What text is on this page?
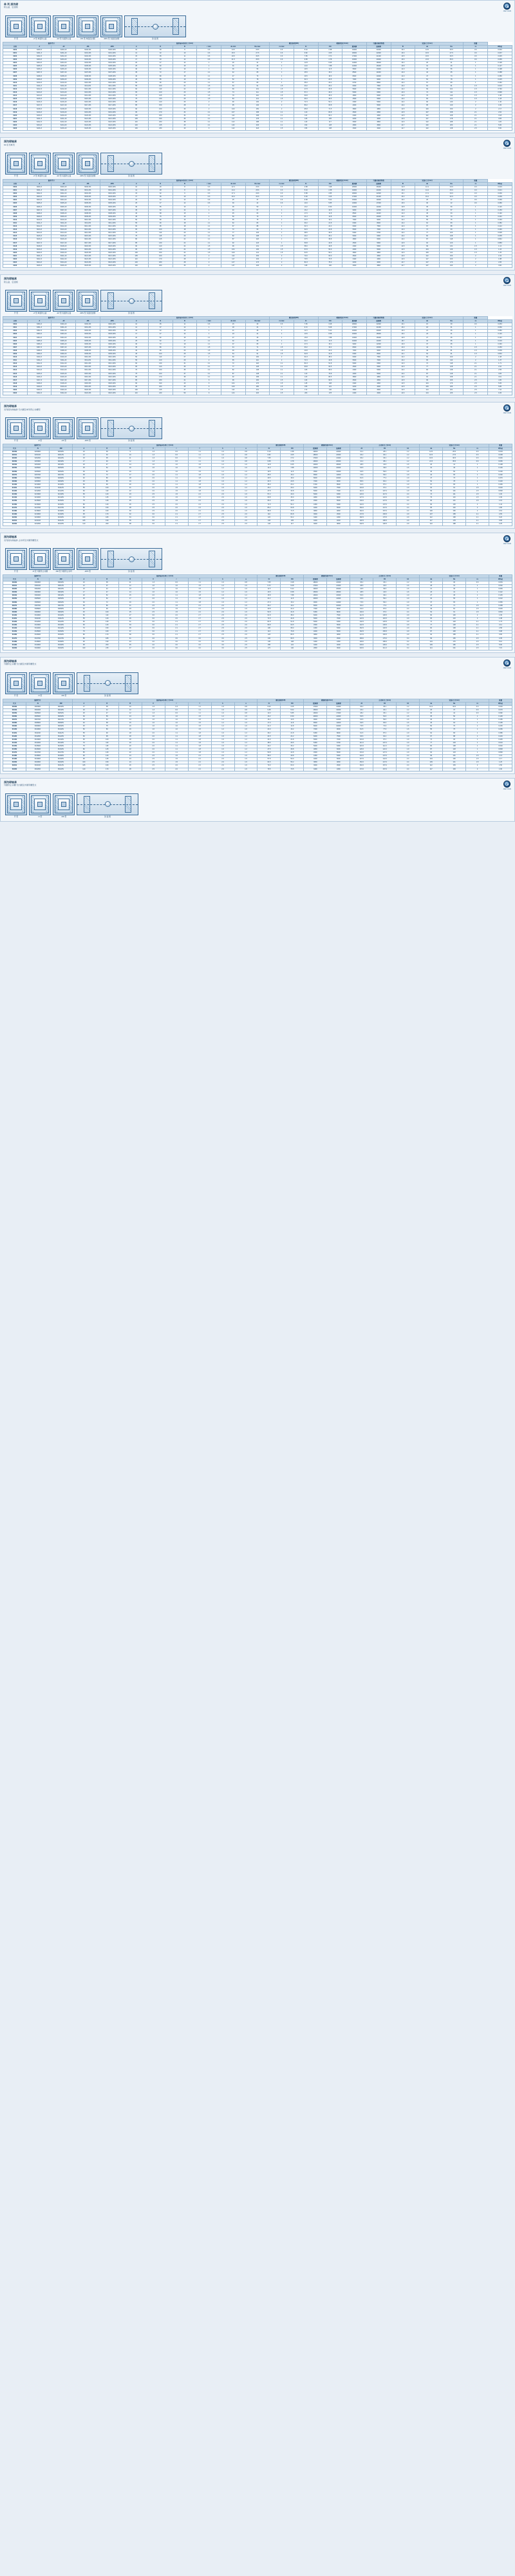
单 列 深沟球
防尘盖、密封圈
JIEYUAN
开 型	-Z 型 单面防尘盖	-2Z 型 双面防尘盖	-RS 型 单面密封圈	-2RS 型 双面密封圈	剖 面 图
轴承代号				轴承基本外形尺寸(mm)							额定载荷(kN)		极限转速 (r/min)		当量动载荷系数	安装尺寸(mm)			重量	
开型	-Z	-2Z	-RS	-2RS	d	D	B	r min	da min	Da max	ra max	Cr	C0r	脂润滑	油润滑	f0	da	Da	ra	W(kg)
6200	6200-Z	6200-2Z	6200-RS	6200-2RS	10	30	9	0.6	14.5	25.5	0.6	5.10	2.38	19000	24000	13.2	14.5	25.5	0.6	0.032
6201	6201-Z	6201-2Z	6201-RS	6201-2RS	12	32	10	0.6	16.5	27.5	0.6	6.82	3.05	18000	22000	13.3	16.5	27.5	0.6	0.037
6202	6202-Z	6202-2Z	6202-RS	6202-2RS	15	35	11	0.6	19.5	30.5	0.6	7.65	3.72	17000	21000	13.5	19.5	30.5	0.6	0.045
6203	6203-Z	6203-2Z	6203-RS	6203-2RS	17	40	12	0.6	21.5	35.5	0.6	9.58	4.78	16000	20000	13.6	21.5	35.5	0.6	0.065
6204	6204-Z	6204-2Z	6204-RS	6204-2RS	20	47	14	1	26	41	1	12.8	6.65	14000	18000	13.2	26	41	1	0.106
6205	6205-Z	6205-2Z	6205-RS	6205-2RS	25	52	15	1	31	46	1	14.0	7.88	12000	16000	13.8	31	46	1	0.127
6206	6206-Z	6206-2Z	6206-RS	6206-2RS	30	62	16	1	36	56	1	19.5	11.5	9500	13000	14.0	36	56	1	0.198
6207	6207-Z	6207-2Z	6207-RS	6207-2RS	35	72	17	1.1	42	65	1	25.5	15.2	8500	11000	14.0	42	65	1	0.288
6208	6208-Z	6208-2Z	6208-RS	6208-2RS	40	80	18	1.1	47	73	1	29.5	18.0	8000	10000	14.0	47	73	1	0.366
6209	6209-Z	6209-2Z	6209-RS	6209-2RS	45	85	19	1.1	52	78	1	31.5	20.5	7000	9000	14.1	52	78	1	0.415
6210	6210-Z	6210-2Z	6210-RS	6210-2RS	50	90	20	1.1	57	83	1	35.0	23.2	6700	8500	14.2	57	83	1	0.462
6211	6211-Z	6211-2Z	6211-RS	6211-2RS	55	100	21	1.5	64	91	1.5	43.2	29.2	6000	7500	14.2	64	91	1.5	0.613
6212	6212-Z	6212-2Z	6212-RS	6212-2RS	60	110	22	1.5	69	101	1.5	47.8	32.8	5600	7000	14.2	69	101	1.5	0.792
6213	6213-Z	6213-2Z	6213-RS	6213-2RS	65	120	23	1.5	74	111	1.5	57.2	40.0	5000	6300	14.3	74	111	1.5	0.990
6214	6214-Z	6214-2Z	6214-RS	6214-2RS	70	125	24	1.5	79	116	1.5	60.8	45.0	4800	6000	14.3	79	116	1.5	1.08
6215	6215-Z	6215-2Z	6215-RS	6215-2RS	75	130	25	1.5	84	121	1.5	66.0	49.5	4500	5600	14.4	84	121	1.5	1.18
6216	6216-Z	6216-2Z	6216-RS	6216-2RS	80	140	26	2	90	130	2	71.5	54.2	4300	5300	14.4	90	130	2	1.40
6217	6217-Z	6217-2Z	6217-RS	6217-2RS	85	150	28	2	95	140	2	83.2	63.8	4000	5000	14.4	95	140	2	1.84
6218	6218-Z	6218-2Z	6218-RS	6218-2RS	90	160	30	2	100	150	2	95.8	71.5	3800	4800	14.5	100	150	2	2.17
6219	6219-Z	6219-2Z	6219-RS	6219-2RS	95	170	32	2.1	107	158	2.1	110	82.8	3600	4500	14.5	107	158	2.1	2.62
6220	6220-Z	6220-2Z	6220-RS	6220-2RS	100	180	34	2.1	112	168	2.1	122	93.2	3400	4300	14.5	112	168	2.1	3.18
6221	6221-Z	6221-2Z	6221-RS	6221-2RS	105	190	36	2.1	117	178	2.1	133	105	3200	4000	14.6	117	178	2.1	3.65
6222	6222-Z	6222-2Z	6222-RS	6222-2RS	110	200	38	2.1	122	188	2.1	143	117	3000	3800	14.6	122	188	2.1	4.20
6224	6224-Z	6224-2Z	6224-RS	6224-2RS	120	215	40	2.1	132	203	2.1	152	128	2800	3600	14.7	132	203	2.1	5.00
6226	6226-Z	6226-2Z	6226-RS	6226-2RS	130	230	40	3	142	218	2.5	156	138	2600	3400	14.7	142	218	2.5	5.50
深沟球轴承
60 系列单列
JIEYUAN
开 型	-Z 型 单面防尘盖	-2Z 型 双面防尘盖	-2RS 型 双面密封圈	剖 面 图
轴承代号				轴承基本外形尺寸(mm)							额定载荷(kN)		极限转速 (r/min)		当量动载荷系数	安装尺寸(mm)			重量	
开型	-Z	-2Z	-RS	-2RS	d	D	B	r min	da min	Da max	ra max	Cr	C0r	脂润滑	油润滑	f0	da	Da	ra	W(kg)
6000	6000-Z	6000-2Z	6000-RS	6000-2RS	10	26	8	0.3	12.4	23.6	0.3	4.58	1.98	20000	26000	12.9	12.4	23.6	0.3	0.019
6001	6001-Z	6001-2Z	6001-RS	6001-2RS	12	28	8	0.3	14.4	25.6	0.3	5.10	2.38	19000	24000	13.0	14.4	25.6	0.3	0.021
6002	6002-Z	6002-2Z	6002-RS	6002-2RS	15	32	9	0.3	17.4	29.6	0.3	5.58	2.85	18000	22000	13.1	17.4	29.6	0.3	0.030
6003	6003-Z	6003-2Z	6003-RS	6003-2RS	17	35	10	0.3	19.4	32.6	0.3	6.00	3.25	17000	21000	13.2	19.4	32.6	0.3	0.039
6004	6004-Z	6004-2Z	6004-RS	6004-2RS	20	42	12	0.6	25	37	0.6	9.38	5.02	15000	19000	13.4	25	37	0.6	0.069
6005	6005-Z	6005-2Z	6005-RS	6005-2RS	25	47	12	0.6	30	42	0.6	10.0	5.85	13000	17000	13.6	30	42	0.6	0.080
6006	6006-Z	6006-2Z	6006-RS	6006-2RS	30	55	13	1	35	50	1	13.2	8.30	10000	14000	13.8	35	50	1	0.116
6007	6007-Z	6007-2Z	6007-RS	6007-2RS	35	62	14	1	40	57	1	16.2	10.5	9000	12000	13.9	40	57	1	0.153
6008	6008-Z	6008-2Z	6008-RS	6008-2RS	40	68	15	1	45	63	1	17.0	11.8	8500	11000	14.0	45	63	1	0.192
6009	6009-Z	6009-2Z	6009-RS	6009-2RS	45	75	16	1	50	70	1	21.0	14.8	8000	10000	14.1	50	70	1	0.242
6010	6010-Z	6010-2Z	6010-RS	6010-2RS	50	80	16	1	55	75	1	22.0	16.2	7000	9000	14.2	55	75	1	0.263
6011	6011-Z	6011-2Z	6011-RS	6011-2RS	55	90	18	1.1	62	83	1	30.2	21.8	6300	8000	14.2	62	83	1	0.382
6012	6012-Z	6012-2Z	6012-RS	6012-2RS	60	95	18	1.1	67	88	1	31.5	24.2	6000	7500	14.3	67	88	1	0.412
6013	6013-Z	6013-2Z	6013-RS	6013-2RS	65	100	18	1.1	72	93	1	32.0	24.8	5600	7000	14.3	72	93	1	0.440
6014	6014-Z	6014-2Z	6014-RS	6014-2RS	70	110	20	1.1	77	103	1	38.5	30.5	5300	6700	14.4	77	103	1	0.605
6015	6015-Z	6015-2Z	6015-RS	6015-2RS	75	115	20	1.1	82	108	1	40.2	33.2	5000	6300	14.4	82	108	1	0.635
6016	6016-Z	6016-2Z	6016-RS	6016-2RS	80	125	22	1.1	87	118	1	47.5	39.8	4800	6000	14.4	87	118	1	0.842
6017	6017-Z	6017-2Z	6017-RS	6017-2RS	85	130	22	1.1	92	123	1	50.8	42.8	4500	5600	14.5	92	123	1	0.883
6018	6018-Z	6018-2Z	6018-RS	6018-2RS	90	140	24	1.5	99	131	1.5	58.0	49.8	4300	5300	14.5	99	131	1.5	1.12
6019	6019-Z	6019-2Z	6019-RS	6019-2RS	95	145	24	1.5	104	136	1.5	57.8	50.0	4000	5000	14.5	104	136	1.5	1.16
6020	6020-Z	6020-2Z	6020-RS	6020-2RS	100	150	24	1.5	109	141	1.5	64.5	56.2	3800	4800	14.6	109	141	1.5	1.25
6021	6021-Z	6021-2Z	6021-RS	6021-2RS	105	160	26	2	112	153	2	70.0	63.0	3600	4500	14.6	112	153	2	1.54
6022	6022-Z	6022-2Z	6022-RS	6022-2RS	110	170	28	2	117	163	2	79.5	70.5	3400	4300	14.6	117	163	2	1.88
6024	6024-Z	6024-2Z	6024-RS	6024-2RS	120	180	28	2	127	173	2	81.8	75.0	3200	4000	14.7	127	173	2	2.05
6026	6026-Z	6026-2Z	6026-RS	6026-2RS	130	200	33	2	137	193	2	108	100	3000	3800	14.7	137	193	2	3.00
深沟球轴承
防尘盖、密封圈
JIEYUAN
开 型	-Z 型 单面防尘盖	-2Z 型 双面防尘盖	-2RS 型 双面密封圈	剖 面 图
轴承代号				轴承基本外形尺寸(mm)							额定载荷(kN)		极限转速 (r/min)		当量动载荷系数	安装尺寸(mm)			重量	
开型	-Z	-2Z	-RS	-2RS	d	D	B	r min	da min	Da max	ra max	Cr	C0r	脂润滑	油润滑	f0	da	Da	ra	W(kg)
6300	6300-Z	6300-2Z	6300-RS	6300-2RS	10	35	11	0.6	15	30	0.6	7.65	3.48	18000	22000	13.1	15	30	0.6	0.053
6301	6301-Z	6301-2Z	6301-RS	6301-2RS	12	37	12	1	18	31	1	9.72	5.08	17000	21000	13.2	18	31	1	0.060
6302	6302-Z	6302-2Z	6302-RS	6302-2RS	15	42	13	1	21	36	1	11.5	5.42	16000	20000	13.3	21	36	1	0.082
6303	6303-Z	6303-2Z	6303-RS	6303-2RS	17	47	14	1	23	41	1	13.5	6.58	15000	18000	13.4	23	41	1	0.110
6304	6304-Z	6304-2Z	6304-RS	6304-2RS	20	52	15	1.1	27	45	1	15.8	7.88	13000	16000	13.5	27	45	1	0.142
6305	6305-Z	6305-2Z	6305-RS	6305-2RS	25	62	17	1.1	32	55	1	22.2	11.5	10000	14000	13.7	32	55	1	0.219
6306	6306-Z	6306-2Z	6306-RS	6306-2RS	30	72	19	1.1	37	65	1	27.0	15.2	9000	12000	13.9	37	65	1	0.346
6307	6307-Z	6307-2Z	6307-RS	6307-2RS	35	80	21	1.5	44	71	1.5	33.2	19.2	8000	10000	14.0	44	71	1.5	0.453
6308	6308-Z	6308-2Z	6308-RS	6308-2RS	40	90	23	1.5	49	81	1.5	40.8	24.0	7000	9000	14.0	49	81	1.5	0.639
6309	6309-Z	6309-2Z	6309-RS	6309-2RS	45	100	25	1.5	54	91	1.5	52.8	31.8	6300	8000	14.1	54	91	1.5	0.832
6310	6310-Z	6310-2Z	6310-RS	6310-2RS	50	110	27	2	60	100	2	61.8	38.0	6000	7500	14.2	60	100	2	1.08
6311	6311-Z	6311-2Z	6311-RS	6311-2RS	55	120	29	2	65	110	2	71.5	44.8	5600	7000	14.2	65	110	2	1.37
6312	6312-Z	6312-2Z	6312-RS	6312-2RS	60	130	31	2.1	72	118	2.1	81.8	51.8	5000	6300	14.3	72	118	2.1	1.71
6313	6313-Z	6313-2Z	6313-RS	6313-2RS	65	140	33	2.1	77	128	2.1	93.8	60.5	4500	5600	14.3	77	128	2.1	2.10
6314	6314-Z	6314-2Z	6314-RS	6314-2RS	70	150	35	2.1	82	138	2.1	105	68.0	4300	5300	14.4	82	138	2.1	2.55
6315	6315-Z	6315-2Z	6315-RS	6315-2RS	75	160	37	2.1	87	148	2.1	113	76.8	4000	5000	14.4	87	148	2.1	3.05
6316	6316-Z	6316-2Z	6316-RS	6316-2RS	80	170	39	2.1	92	158	2.1	123	86.5	3800	4800	14.4	92	158	2.1	3.61
6317	6317-Z	6317-2Z	6317-RS	6317-2RS	85	180	41	3	99	166	2.5	132	96.5	3600	4500	14.5	99	166	2.5	4.30
6318	6318-Z	6318-2Z	6318-RS	6318-2RS	90	190	43	3	104	176	2.5	145	108	3400	4300	14.5	104	176	2.5	5.05
6319	6319-Z	6319-2Z	6319-RS	6319-2RS	95	200	45	3	109	186	2.5	155	122	3200	4000	14.5	109	186	2.5	5.85
6320	6320-Z	6320-2Z	6320-RS	6320-2RS	100	215	47	3	114	201	2.5	172	140	2800	3600	14.6	114	201	2.5	7.10
6322	6322-Z	6322-2Z	6322-RS	6322-2RS	110	240	50	3	124	226	2.5	203	178	2400	3200	14.6	124	226	2.5	9.45
深沟球轴承
双列深沟球轴承 无内圈及单列带止动槽型
JIEYUAN
开 型	-Z 型	-2Z 型	-2RS 型	剖 面 图
轴承代号			轴承基本外形尺寸(mm)								额定载荷(kN)		极限转速(r/min)		止动环尺寸(mm)			安装尺寸(mm)			重量
代号	-N	-NR	d	D	B	C	r	f	b	a	Cr	C0r	脂润滑	油润滑	d1	D1	b1	da	Da	ra	W(kg)
6200N	6200NR	6200ZN	10	30	9	1.3	0.6	1.1	1.0	0.8	5.10	2.38	19000	24000	31.2	28.1	1.2	14.5	25.5	0.6	0.033
6201N	6201NR	6201ZN	12	32	10	1.3	0.6	1.1	1.0	0.8	6.82	3.05	18000	22000	33.2	30.1	1.2	16.5	27.5	0.6	0.038
6202N	6202NR	6202ZN	15	35	11	1.3	0.6	1.1	1.0	0.8	7.65	3.72	17000	21000	36.2	33.1	1.2	19.5	30.5	0.6	0.046
6203N	6203NR	6203ZN	17	40	12	1.3	0.6	1.1	1.0	0.8	9.58	4.78	16000	20000	41.2	38.1	1.2	21.5	35.5	0.6	0.066
6204N	6204NR	6204ZN	20	47	14	1.6	1.0	1.5	1.2	1.0	12.8	6.65	14000	18000	48.5	44.6	1.6	26	41	1	0.108
6205N	6205NR	6205ZN	25	52	15	1.6	1.0	1.5	1.2	1.0	14.0	7.88	12000	16000	53.5	49.6	1.6	31	46	1	0.130
6206N	6206NR	6206ZN	30	62	16	1.6	1.0	1.5	1.2	1.0	19.5	11.5	9500	13000	63.5	59.6	1.6	36	56	1	0.200
6207N	6207NR	6207ZN	35	72	17	2.0	1.1	1.8	1.6	1.2	25.5	15.2	8500	11000	73.6	69.2	1.9	42	65	1	0.292
6208N	6208NR	6208ZN	40	80	18	2.0	1.1	1.8	1.6	1.2	29.5	18.0	8000	10000	81.6	77.2	1.9	47	73	1	0.370
6209N	6209NR	6209ZN	45	85	19	2.0	1.1	1.8	1.6	1.2	31.5	20.5	7000	9000	86.6	82.2	1.9	52	78	1	0.420
6210N	6210NR	6210ZN	50	90	20	2.0	1.1	1.8	1.6	1.2	35.0	23.2	6700	8500	91.6	87.2	1.9	57	83	1	0.466
6211N	6211NR	6211ZN	55	100	21	2.0	1.5	1.8	1.6	1.2	43.2	29.2	6000	7500	101.6	97.2	1.9	64	91	1.5	0.620
6212N	6212NR	6212ZN	60	110	22	2.0	1.5	1.8	1.6	1.2	47.8	32.8	5600	7000	111.6	107.2	1.9	69	101	1.5	0.800
6213N	6213NR	6213ZN	65	120	23	2.5	1.5	2.2	2.0	1.6	57.2	40.0	5000	6300	122.0	117.0	2.4	74	111	1.5	1.00
6214N	6214NR	6214ZN	70	125	24	2.5	1.5	2.2	2.0	1.6	60.8	45.0	4800	6000	127.0	122.0	2.4	79	116	1.5	1.09
6215N	6215NR	6215ZN	75	130	25	2.5	1.5	2.2	2.0	1.6	66.0	49.5	4500	5600	132.0	127.0	2.4	84	121	1.5	1.19
6216N	6216NR	6216ZN	80	140	26	2.5	2.0	2.2	2.0	1.6	71.5	54.2	4300	5300	142.0	137.0	2.4	90	130	2	1.42
6217N	6217NR	6217ZN	85	150	28	2.5	2.0	2.2	2.0	1.6	83.2	63.8	4000	5000	152.0	147.0	2.4	95	140	2	1.86
6218N	6218NR	6218ZN	90	160	30	2.5	2.0	2.2	2.0	1.6	95.8	71.5	3800	4800	162.0	157.0	2.4	100	150	2	2.19
6219N	6219NR	6219ZN	95	170	32	3.0	2.1	2.7	2.5	2.0	110	82.8	3600	4500	172.5	166.5	2.9	107	158	2.1	2.65
6220N	6220NR	6220ZN	100	180	34	3.0	2.1	2.7	2.5	2.0	122	93.2	3400	4300	182.5	176.5	2.9	112	168	2.1	3.20
6221N	6221NR	6221ZN	105	190	36	3.0	2.1	2.7	2.5	2.0	133	105	3200	4000	192.5	186.5	2.9	117	178	2.1	3.68
6222N	6222NR	6222ZN	110	200	38	3.0	2.1	2.7	2.5	2.0	143	117	3000	3800	202.5	196.5	2.9	122	188	2.1	4.25
深沟球轴承
双列深沟球轴承 止动环及外圈带槽型式
JIEYUAN
开 型	-N 型 外圈带止动槽	-NR 型 外圈带止动环	-2RS 型	剖 面 图
轴承代号			轴承基本外形尺寸(mm)								额定载荷(kN)		极限转速(r/min)		止动环尺寸(mm)			安装尺寸(mm)			重量
代号	-N	-NR	d	D	B	C	r	f	b	a	Cr	C0r	脂润滑	油润滑	d1	D1	b1	da	Da	ra	W(kg)
6300N	6300NR	6300ZN	10	35	11	1.3	0.6	1.1	1.0	0.8	7.65	3.48	18000	22000	36.2	33.1	1.2	15	30	0.6	0.054
6301N	6301NR	6301ZN	12	37	12	1.6	1.0	1.5	1.2	1.0	9.72	5.08	17000	21000	38.5	34.6	1.6	18	31	1	0.062
6302N	6302NR	6302ZN	15	42	13	1.6	1.0	1.5	1.2	1.0	11.5	5.42	16000	20000	43.5	39.6	1.6	21	36	1	0.084
6303N	6303NR	6303ZN	17	47	14	1.6	1.0	1.5	1.2	1.0	13.5	6.58	15000	18000	48.5	44.6	1.6	23	41	1	0.112
6304N	6304NR	6304ZN	20	52	15	2.0	1.1	1.8	1.6	1.2	15.8	7.88	13000	16000	53.6	49.2	1.9	27	45	1	0.145
6305N	6305NR	6305ZN	25	62	17	2.0	1.1	1.8	1.6	1.2	22.2	11.5	10000	14000	63.6	59.2	1.9	32	55	1	0.222
6306N	6306NR	6306ZN	30	72	19	2.0	1.1	1.8	1.6	1.2	27.0	15.2	9000	12000	73.6	69.2	1.9	37	65	1	0.350
6307N	6307NR	6307ZN	35	80	21	2.5	1.5	2.2	2.0	1.6	33.2	19.2	8000	10000	82.0	77.0	2.4	44	71	1.5	0.458
6308N	6308NR	6308ZN	40	90	23	2.5	1.5	2.2	2.0	1.6	40.8	24.0	7000	9000	92.0	87.0	2.4	49	81	1.5	0.645
6309N	6309NR	6309ZN	45	100	25	2.5	1.5	2.2	2.0	1.6	52.8	31.8	6300	8000	102.0	97.0	2.4	54	91	1.5	0.840
6310N	6310NR	6310ZN	50	110	27	3.0	2.0	2.7	2.5	2.0	61.8	38.0	6000	7500	112.5	106.5	2.9	60	100	2	1.09
6311N	6311NR	6311ZN	55	120	29	3.0	2.0	2.7	2.5	2.0	71.5	44.8	5600	7000	122.5	116.5	2.9	65	110	2	1.38
6312N	6312NR	6312ZN	60	130	31	3.0	2.1	2.7	2.5	2.0	81.8	51.8	5000	6300	132.5	126.5	2.9	72	118	2.1	1.73
6313N	6313NR	6313ZN	65	140	33	3.0	2.1	2.7	2.5	2.0	93.8	60.5	4500	5600	142.5	136.5	2.9	77	128	2.1	2.12
6314N	6314NR	6314ZN	70	150	35	3.0	2.1	2.7	2.5	2.0	105	68.0	4300	5300	152.5	146.5	2.9	82	138	2.1	2.58
6315N	6315NR	6315ZN	75	160	37	3.0	2.1	2.7	2.5	2.0	113	76.8	4000	5000	162.5	156.5	2.9	87	148	2.1	3.08
6316N	6316NR	6316ZN	80	170	39	3.0	2.1	2.7	2.5	2.0	123	86.5	3800	4800	172.5	166.5	2.9	92	158	2.1	3.65
6317N	6317NR	6317ZN	85	180	41	4.0	3.0	3.2	3.0	2.5	132	96.5	3600	4500	183.0	176.0	3.4	99	166	2.5	4.35
6318N	6318NR	6318ZN	90	190	43	4.0	3.0	3.2	3.0	2.5	145	108	3400	4300	193.0	186.0	3.4	104	176	2.5	5.10
6319N	6319NR	6319ZN	95	200	45	4.0	3.0	3.2	3.0	2.5	155	122	3200	4000	203.0	196.0	3.4	109	186	2.5	5.90
6320N	6320NR	6320ZN	100	215	47	4.0	3.0	3.2	3.0	2.5	172	140	2800	3600	218.0	211.0	3.4	114	201	2.5	7.15
深沟球轴承
外圈带止动槽 无内圈及外圈带槽型式
JIEYUAN
开 型	-N 型	-NR 型	剖 面 图
轴承代号			轴承基本外形尺寸(mm)								额定载荷(kN)		极限转速(r/min)		止动环尺寸(mm)			安装尺寸(mm)			重量
代号	-N	-NR	d	D	B	C	r	f	b	a	Cr	C0r	脂润滑	油润滑	d1	D1	b1	da	Da	ra	W(kg)
6003N	6003NR	6003ZN	17	35	10	1.3	0.3	1.1	1.0	0.8	6.00	3.25	17000	21000	36.2	33.1	1.2	19.4	32.6	0.3	0.040
6004N	6004NR	6004ZN	20	42	12	1.3	0.6	1.1	1.0	0.8	9.38	5.02	15000	19000	43.2	40.1	1.2	25	37	0.6	0.070
6005N	6005NR	6005ZN	25	47	12	1.3	0.6	1.1	1.0	0.8	10.0	5.85	13000	17000	48.2	45.1	1.2	30	42	0.6	0.082
6006N	6006NR	6006ZN	30	55	13	1.6	1.0	1.5	1.2	1.0	13.2	8.30	10000	14000	56.5	52.6	1.6	35	50	1	0.118
6007N	6007NR	6007ZN	35	62	14	1.6	1.0	1.5	1.2	1.0	16.2	10.5	9000	12000	63.5	59.6	1.6	40	57	1	0.156
6008N	6008NR	6008ZN	40	68	15	1.6	1.0	1.5	1.2	1.0	17.0	11.8	8500	11000	69.5	65.6	1.6	45	63	1	0.195
6009N	6009NR	6009ZN	45	75	16	1.6	1.0	1.5	1.2	1.0	21.0	14.8	8000	10000	76.5	72.6	1.6	50	70	1	0.245
6010N	6010NR	6010ZN	50	80	16	1.6	1.0	1.5	1.2	1.0	22.0	16.2	7000	9000	81.5	77.6	1.6	55	75	1	0.266
6011N	6011NR	6011ZN	55	90	18	2.0	1.1	1.8	1.6	1.2	30.2	21.8	6300	8000	91.6	87.2	1.9	62	83	1	0.386
6012N	6012NR	6012ZN	60	95	18	2.0	1.1	1.8	1.6	1.2	31.5	24.2	6000	7500	96.6	92.2	1.9	67	88	1	0.416
6013N	6013NR	6013ZN	65	100	18	2.0	1.1	1.8	1.6	1.2	32.0	24.8	5600	7000	101.6	97.2	1.9	72	93	1	0.445
6014N	6014NR	6014ZN	70	110	20	2.0	1.1	1.8	1.6	1.2	38.5	30.5	5300	6700	111.6	107.2	1.9	77	103	1	0.610
6015N	6015NR	6015ZN	75	115	20	2.0	1.1	1.8	1.6	1.2	40.2	33.2	5000	6300	116.6	112.2	1.9	82	108	1	0.640
6016N	6016NR	6016ZN	80	125	22	2.0	1.1	1.8	1.6	1.2	47.5	39.8	4800	6000	126.6	122.2	1.9	87	118	1	0.848
6017N	6017NR	6017ZN	85	130	22	2.0	1.1	1.8	1.6	1.2	50.8	42.8	4500	5600	131.6	127.2	1.9	92	123	1	0.890
6018N	6018NR	6018ZN	90	140	24	2.5	1.5	2.2	2.0	1.6	58.0	49.8	4300	5300	142.0	137.0	2.4	99	131	1.5	1.13
6019N	6019NR	6019ZN	95	145	24	2.5	1.5	2.2	2.0	1.6	57.8	50.0	4000	5000	147.0	142.0	2.4	104	136	1.5	1.17
6020N	6020NR	6020ZN	100	150	24	2.5	1.5	2.2	2.0	1.6	64.5	56.2	3800	4800	152.0	147.0	2.4	109	141	1.5	1.26
6021N	6021NR	6021ZN	105	160	26	2.5	2.0	2.2	2.0	1.6	70.0	63.0	3600	4500	162.0	157.0	2.4	112	153	2	1.56
6022N	6022NR	6022ZN	110	170	28	2.5	2.0	2.2	2.0	1.6	79.5	70.5	3400	4300	172.0	167.0	2.4	117	163	2	1.90
深沟球轴承
外圈带止动槽 无内圈及外圈带槽型式
JIEYUAN
开 型	-N 型	-NR 型	剖 面 图
